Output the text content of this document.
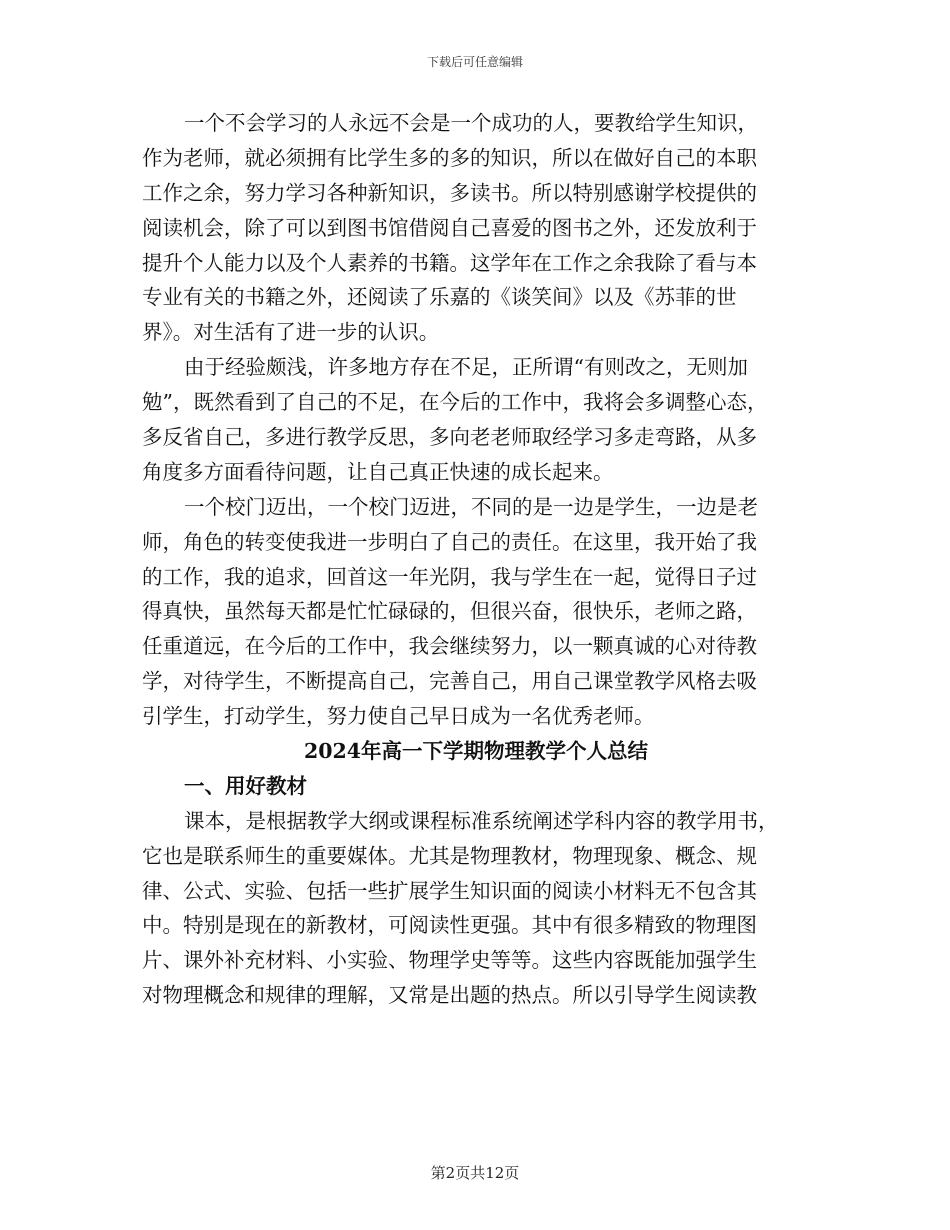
下载后可任意编辑
一个不会学习的人永远不会是一个成功的人，要教给学生知识，
作为老师，就必须拥有比学生多的多的知识，所以在做好自己的本职
工作之余，努力学习各种新知识，多读书。所以特别感谢学校提供的
阅读机会，除了可以到图书馆借阅自己喜爱的图书之外，还发放利于
提升个人能力以及个人素养的书籍。这学年在工作之余我除了看与本
专业有关的书籍之外，还阅读了乐嘉的《谈笑间》以及《苏菲的世
界》。对生活有了进一步的认识。
由于经验颇浅，许多地方存在不足，正所谓“有则改之，无则加
勉”，既然看到了自己的不足，在今后的工作中，我将会多调整心态，
多反省自己，多进行教学反思，多向老老师取经学习多走弯路，从多
角度多方面看待问题，让自己真正快速的成长起来。
一个校门迈出，一个校门迈进，不同的是一边是学生，一边是老
师，角色的转变使我进一步明白了自己的责任。在这里，我开始了我
的工作，我的追求，回首这一年光阴，我与学生在一起，觉得日子过
得真快，虽然每天都是忙忙碌碌的，但很兴奋，很快乐，老师之路，
任重道远，在今后的工作中，我会继续努力，以一颗真诚的心对待教
学，对待学生，不断提高自己，完善自己，用自己课堂教学风格去吸
引学生，打动学生，努力使自己早日成为一名优秀老师。
2024年高一下学期物理教学个人总结
一、用好教材
课本，是根据教学大纲或课程标准系统阐述学科内容的教学用书，
它也是联系师生的重要媒体。尤其是物理教材，物理现象、概念、规
律、公式、实验、包括一些扩展学生知识面的阅读小材料无不包含其
中。特别是现在的新教材，可阅读性更强。其中有很多精致的物理图
片、课外补充材料、小实验、物理学史等等。这些内容既能加强学生
对物理概念和规律的理解，又常是出题的热点。所以引导学生阅读教
第2页共12页
